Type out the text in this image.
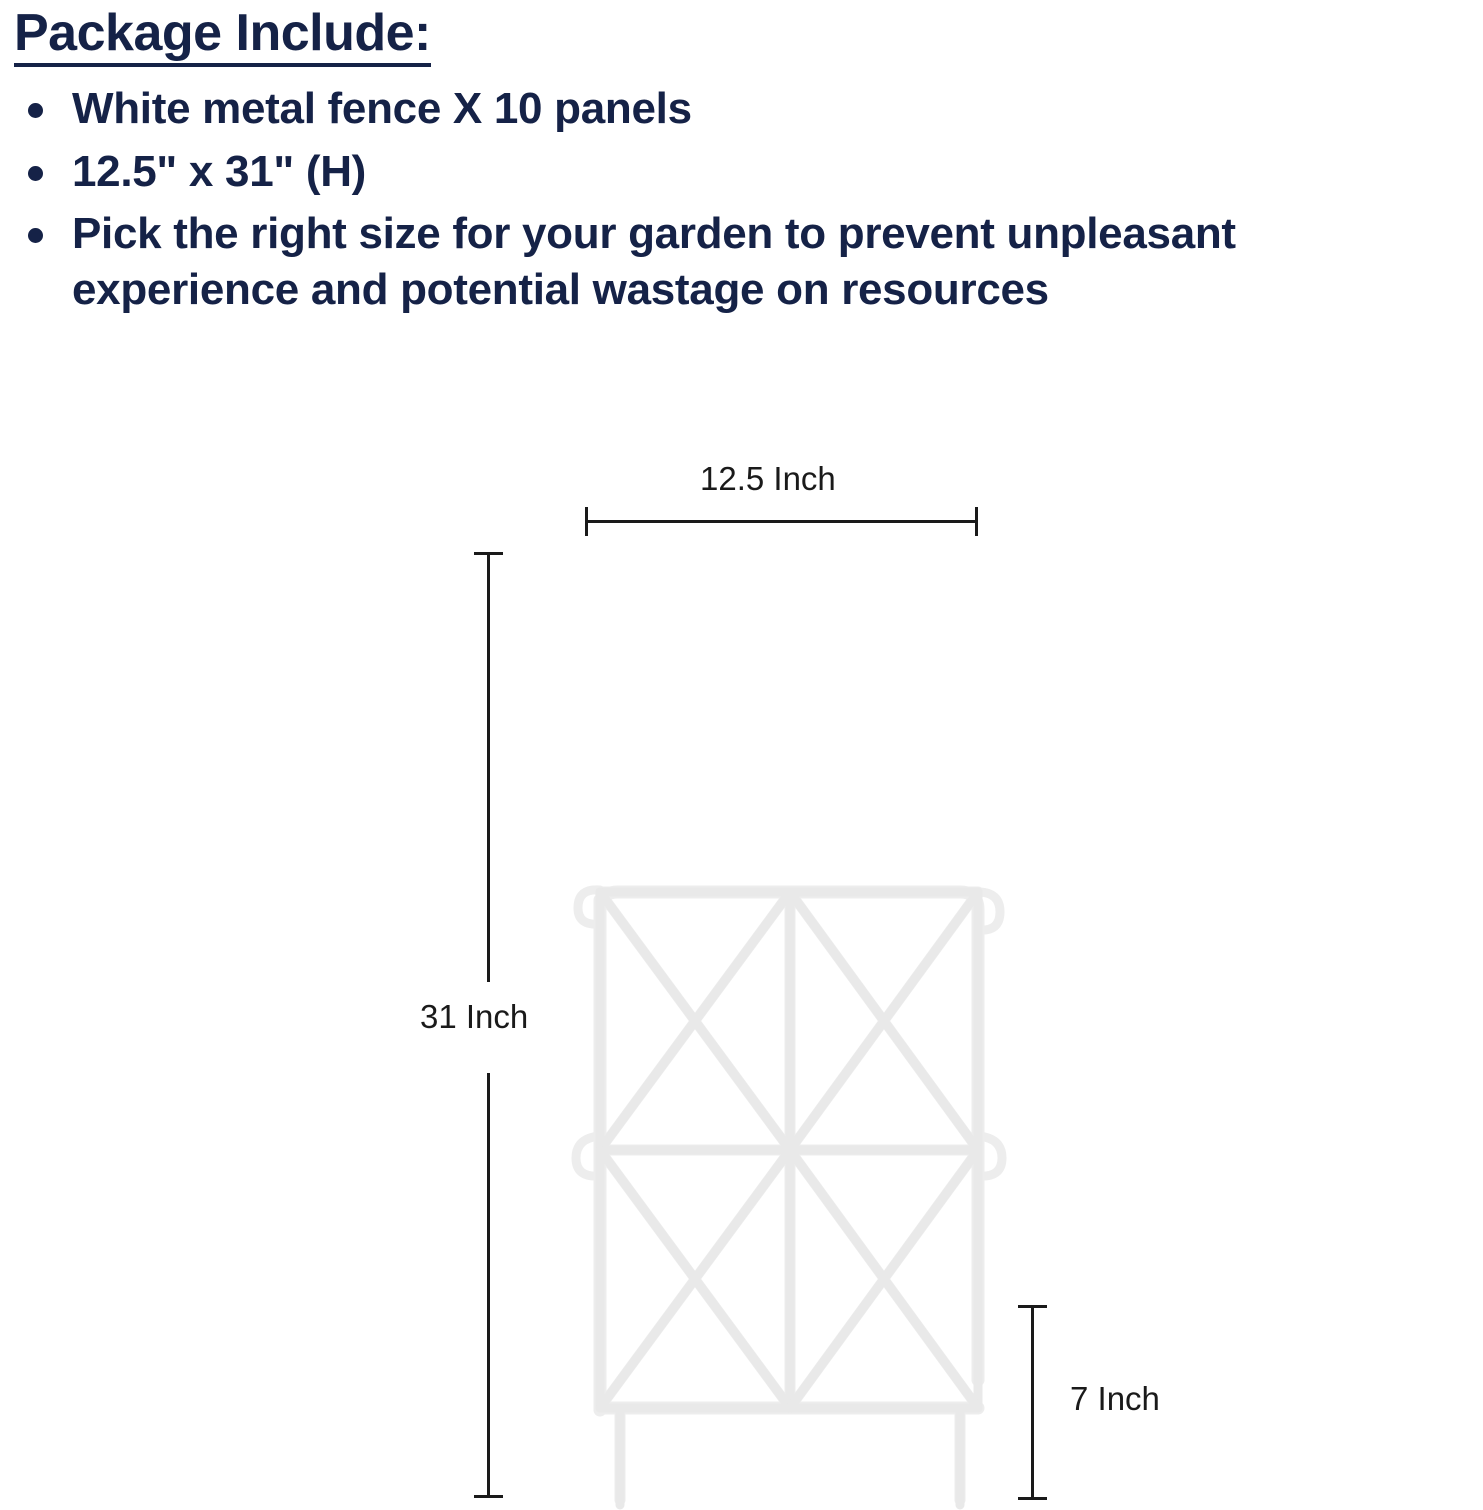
Package Include:
White metal fence X 10 panels
12.5" x 31" (H)
Pick the right size for your garden to prevent unpleasant experience and potential wastage on resources
12.5 Inch
31 Inch
7 Inch
